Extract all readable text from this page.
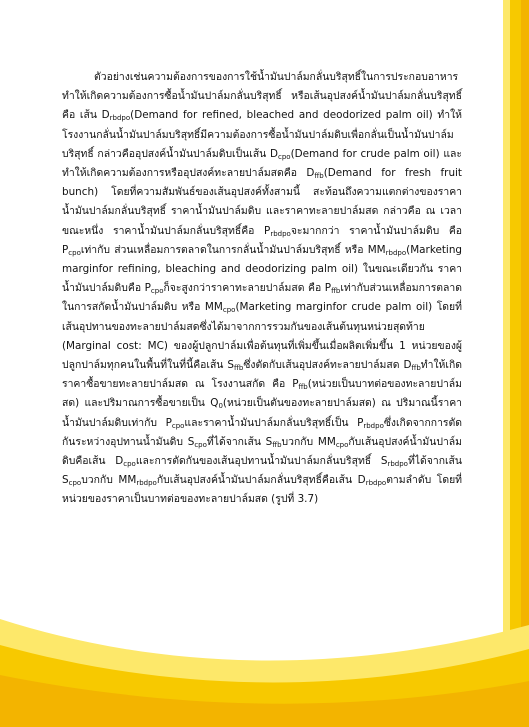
ตัวอย่างเช่นความต้องการของการใช้น้ำมันปาล์มกลั่นบริสุทธิ์ในการประกอบอาหาร ทำให้เกิดความต้องการซื้อน้ำมันปาล์มกลั่นบริสุทธิ์ หรือเส้นอุปสงค์น้ำมันปาล์มกลั่นบริสุทธิ์ คือ เส้น $D_{rbdpo}(Demand$ for refined, bleached and deodorized palm oil) ทำให้โรงงานกลั่นน้ำมันปาล์มบริสุทธิ์มีความต้องการซื้อน้ำมันปาล์มดิบเพื่อกลั่นเป็นน้ำมันปาล์มบริสุทธิ์ กล่าวคืออุปสงค์น้ำมันปาล์มดิบเป็นเส้น $D_{cpo}(Demand$ for crude palm oil) และทำให้เกิดความต้องการหรืออุปสงค์ทะลายปาล์มสดคือ $D_{ffb}(Demand$ for fresh fruit bunch) โดยที่ความสัมพันธ์ของเส้นอุปสงค์ทั้งสามนี้ สะท้อนถึงความแตกต่างของราคาน้ำมันปาล์มกลั่นบริสุทธิ์ ราคาน้ำมันปาล์มดิบ และราคาทะลายปาล์มสด กล่าวคือ ณ เวลาขณะหนึ่ง ราคาน้ำมันปาล์มกลั่นบริสุทธิ์คือ $P_{rbdpo}$จะมากกว่า ราคาน้ำมันปาล์มดิบ คือ $P_{cpo}$เท่ากับ ส่วนเหลื่อมการตลาดในการกลั่นน้ำมันปาล์มบริสุทธิ์ หรือ $MM_{rbdpo}(Marketing$ marginfor refining, bleaching and deodorizing palm oil) ในขณะเดียวกัน ราคาน้ำมันปาล์มดิบคือ $P_{cpo}$ก็จะสูงกว่าราคาทะลายปาล์มสด คือ $P_{ffb}$เท่ากับส่วนเหลื่อมการตลาดในการสกัดน้ำมันปาล์มดิบ หรือ $MM_{cpo}(Marketing$ marginfor crude palm oil) โดยที่เส้นอุปทานของทะลายปาล์มสดซึ่งได้มาจากการรวมกันของเส้นต้นทุนหน่วยสุดท้าย (Marginal cost: MC) ของผู้ปลูกปาล์มเพื่อต้นทุนที่เพิ่มขึ้นเมื่อผลิตเพิ่มขึ้น 1 หน่วยของผู้ปลูกปาล์มทุกคนในพื้นที่ในที่นี้คือเส้น $S_{ffb}$ซึ่งตัดกับเส้นอุปสงค์ทะลายปาล์มสด $D_{ffb}$ทำให้เกิดราคาซื้อขายทะลายปาล์มสด ณ โรงงานสกัด คือ $P_{ffb}$(หน่วยเป็นบาทต่อของทะลายปาล์มสด) และปริมาณการซื้อขายเป็น $Q_0$(หน่วยเป็นตันของทะลายปาล์มสด) ณ ปริมาณนี้ราคาน้ำมันปาล์มดิบเท่ากับ $P_{cpo}$และราคาน้ำมันปาล์มกลั่นบริสุทธิ์เป็น $P_{rbdpo}$ซึ่งเกิดจากการตัดกันระหว่างอุปทานน้ำมันดิบ $S_{cpo}$ที่ได้จากเส้น $S_{ffb}$บวกกับ $MM_{cpo}$กับเส้นอุปสงค์น้ำมันปาล์มดิบคือเส้น $D_{cpo}$และการตัดกันของเส้นอุปทานน้ำมันปาล์มกลั่นบริสุทธิ์ $S_{rbdpo}$ที่ได้จากเส้น $S_{cpo}$บวกกับ $MM_{rbdpo}$กับเส้นอุปสงค์น้ำมันปาล์มกลั่นบริสุทธิ์คือเส้น $D_{rbdpo}$ตามลำดับ โดยที่หน่วยของราคาเป็นบาทต่อของทะลายปาล์มสด (รูปที่ 3.7)
